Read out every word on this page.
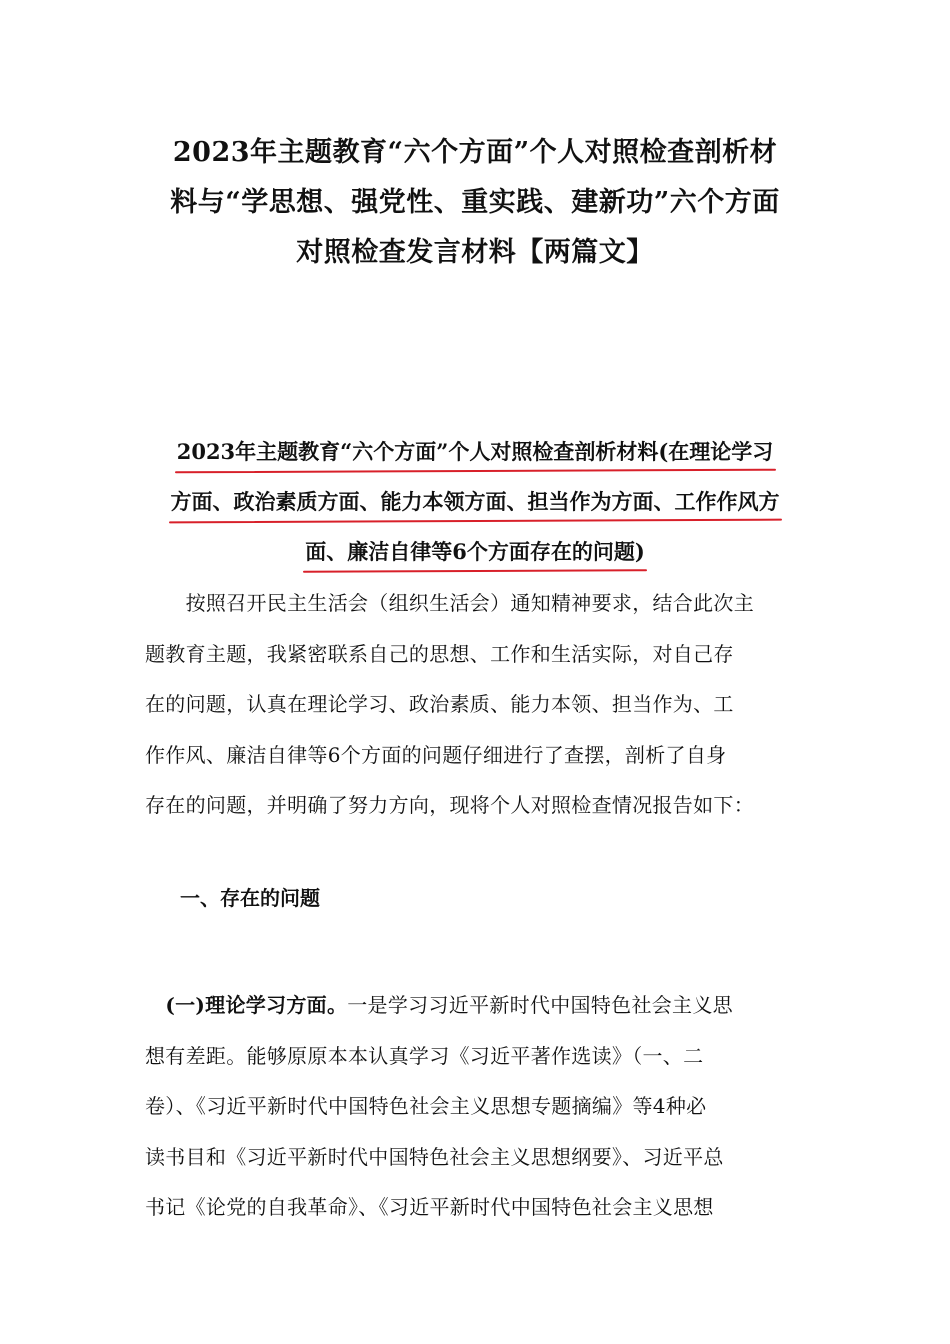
2023年主题教育“六个方面”个人对照检查剖析材
料与“学思想、强党性、重实践、建新功”六个方面
对照检查发言材料【两篇文】
2023年主题教育“六个方面”个人对照检查剖析材料(在理论学习
方面、政治素质方面、能力本领方面、担当作为方面、工作作风方
面、廉洁自律等6个方面存在的问题)

　　按照召开民主生活会（组织生活会）通知精神要求，结合此次主
题教育主题，我紧密联系自己的思想、工作和生活实际，对自己存
在的问题，认真在理论学习、政治素质、能力本领、担当作为、工
作作风、廉洁自律等6个方面的问题仔细进行了查摆，剖析了自身
存在的问题，并明确了努力方向，现将个人对照检查情况报告如下：

一、存在的问题

　(一)理论学习方面。一是学习习近平新时代中国特色社会主义思
想有差距。能够原原本本认真学习《习近平著作选读》（一、二
卷）、《习近平新时代中国特色社会主义思想专题摘编》等4种必
读书目和《习近平新时代中国特色社会主义思想纲要》、习近平总
书记《论党的自我革命》、《习近平新时代中国特色社会主义思想
